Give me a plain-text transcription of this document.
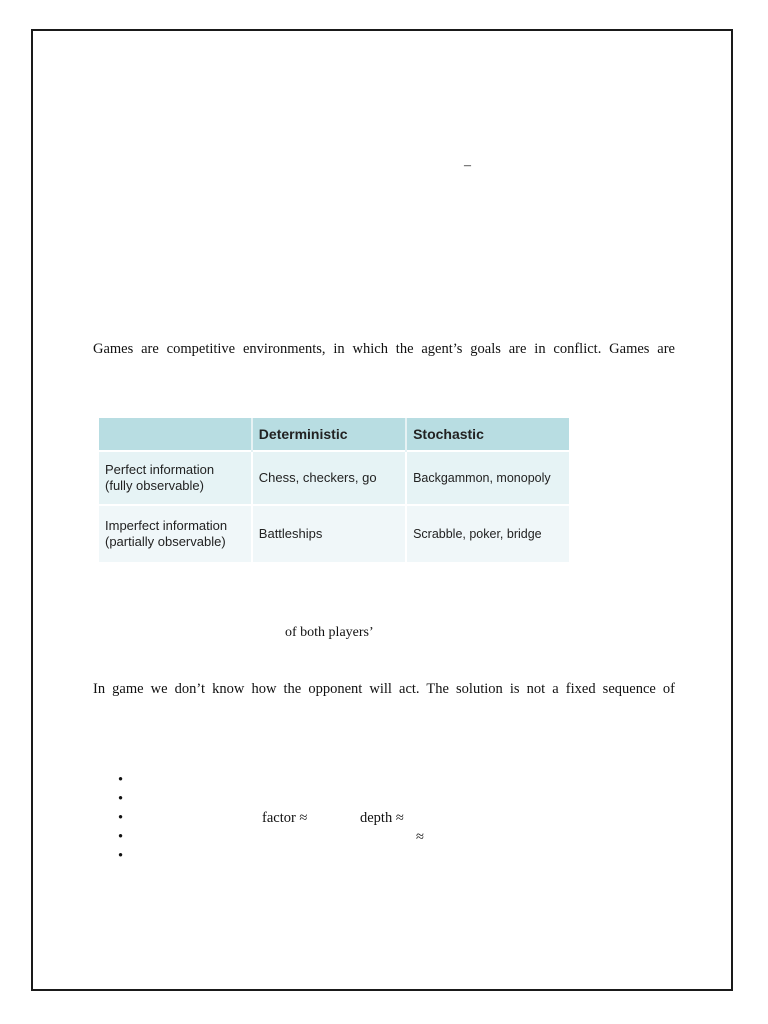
–
Games are competitive environments, in which the agent’s goals are in conflict. Games are
	Deterministic	Stochastic
Perfect information (fully observable)	Chess, checkers, go	Backgammon, monopoly
Imperfect information (partially observable)	Battleships	Scrabble, poker, bridge
of both players’
In game we don’t know how the opponent will act. The solution is not a fixed sequence of
•
•
•	factor ≈	depth ≈
•	≈
•
